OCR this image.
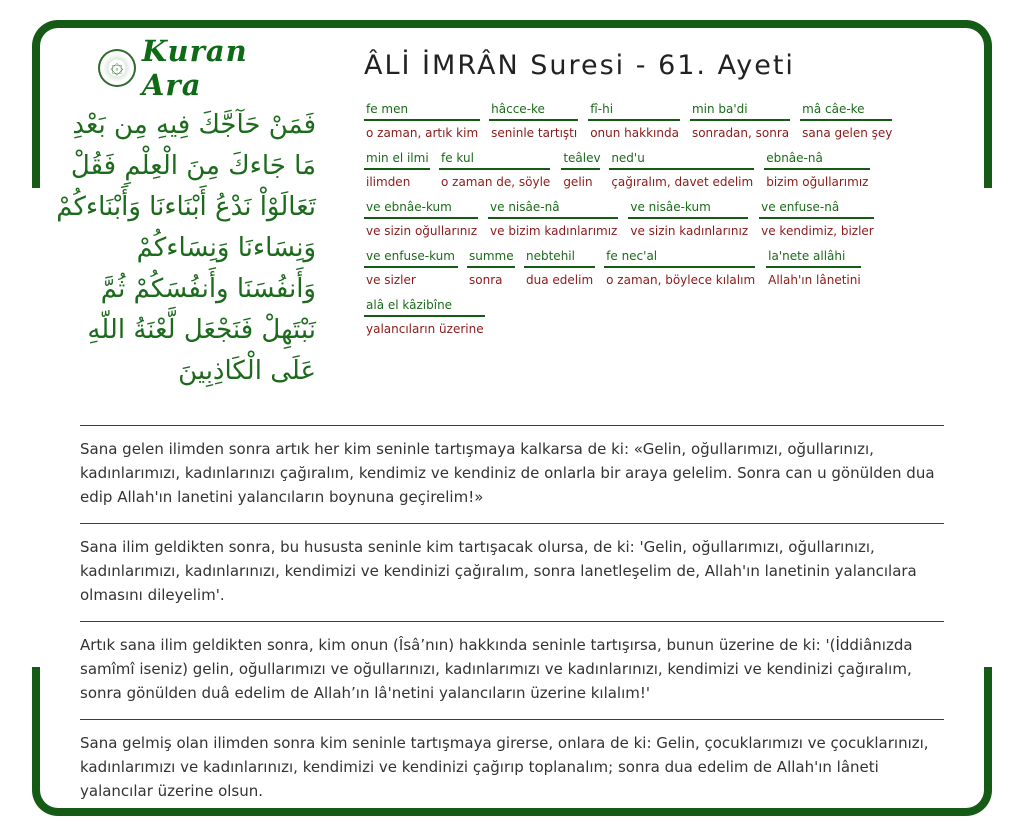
۞
Kuran Ara
فَمَنْ حَآجَّكَ فِيهِ مِن بَعْدِ
مَا جَاءكَ مِنَ الْعِلْمِ فَقُلْ
تَعَالَوْاْ نَدْعُ أَبْنَاءنَا وَأَبْنَاءكُمْ
وَنِسَاءنَا وَنِسَاءكُمْ
وَأَنفُسَنَا وأَنفُسَكُمْ ثُمَّ
نَبْتَهِلْ فَنَجْعَل لَّعْنَةُ اللّهِ
عَلَى الْكَاذِبِينَ
ÂLİ İMRÂN Suresi - 61. Ayeti
fe men
o zaman, artık kim
hâcce-ke
seninle tartıştı
fî-hi
onun hakkında
min ba'di
sonradan, sonra
mâ câe-ke
sana gelen şey
min el ilmi
ilimden
fe kul
o zaman de, söyle
teâlev
gelin
ned'u
çağıralım, davet edelim
ebnâe-nâ
bizim oğullarımız
ve ebnâe-kum
ve sizin oğullarınız
ve nisâe-nâ
ve bizim kadınlarımız
ve nisâe-kum
ve sizin kadınlarınız
ve enfuse-nâ
ve kendimiz, bizler
ve enfuse-kum
ve sizler
summe
sonra
nebtehil
dua edelim
fe nec'al
o zaman, böylece kılalım
la'nete allâhi
Allah'ın lânetini
alâ el kâzibîne
yalancıların üzerine
Sana gelen ilimden sonra artık her kim seninle tartışmaya kalkarsa de ki: «Gelin, oğullarımızı, oğullarınızı, kadınlarımızı, kadınlarınızı çağıralım, kendimiz ve kendiniz de onlarla bir araya gelelim. Sonra can u gönülden dua edip Allah'ın lanetini yalancıların boynuna geçirelim!»
Sana ilim geldikten sonra, bu hususta seninle kim tartışacak olursa, de ki: 'Gelin, oğullarımızı, oğullarınızı, kadınlarımızı, kadınlarınızı, kendimizi ve kendinizi çağıralım, sonra lanetleşelim de, Allah'ın lanetinin yalancılara olmasını dileyelim'.
Artık sana ilim geldikten sonra, kim onun (Îsâ’nın) hakkında seninle tartışırsa, bunun üzerine de ki: '(İddiânızda samîmî iseniz) gelin, oğullarımızı ve oğullarınızı, kadınlarımızı ve kadınlarınızı, kendimizi ve kendinizi çağıralım, sonra gönülden duâ edelim de Allah’ın lâ'netini yalancıların üzerine kılalım!'
Sana gelmiş olan ilimden sonra kim seninle tartışmaya girerse, onlara de ki: Gelin, çocuklarımızı ve çocuklarınızı, kadınlarımızı ve kadınlarınızı, kendimizi ve kendinizi çağırıp toplanalım; sonra dua edelim de Allah'ın lâneti yalancılar üzerine olsun.
